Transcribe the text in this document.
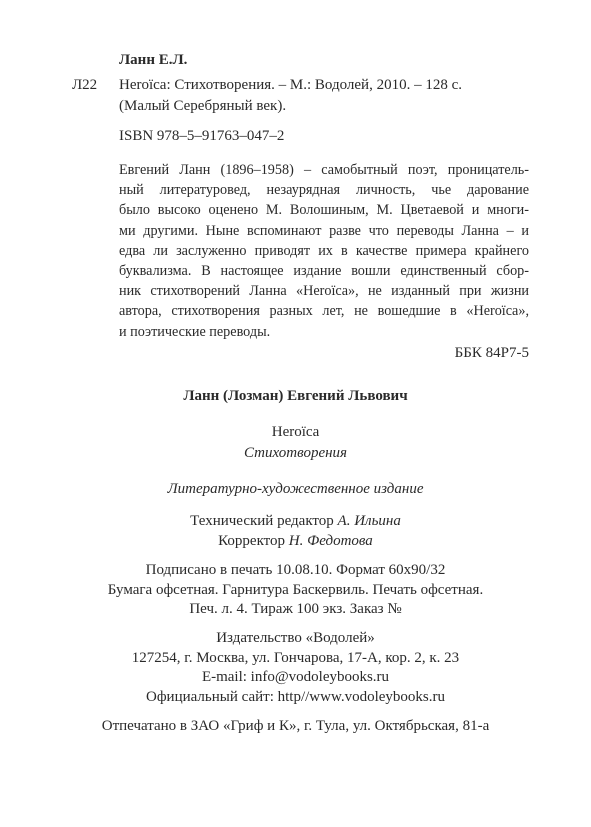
Ланн Е.Л.
Л22 Heroïca: Стихотворения. – М.: Водолей, 2010. – 128 с.
(Малый Серебряный век).
ISBN 978–5–91763–047–2
Евгений Ланн (1896–1958) – самобытный поэт, проницатель-
ный литературовед, незаурядная личность, чье дарование
было высоко оценено М. Волошиным, М. Цветаевой и многи-
ми другими. Ныне вспоминают разве что переводы Ланна – и
едва ли заслуженно приводят их в качестве примера крайнего
буквализма. В настоящее издание вошли единственный сбор-
ник стихотворений Ланна «Heroïca», не изданный при жизни
автора, стихотворения разных лет, не вошедшие в «Heroïca»,
и поэтические переводы.
ББК 84Р7-5
Ланн (Лозман) Евгений Львович
Heroïca
Стихотворения
Литературно-художественное издание
Технический редактор А. Ильина
Корректор Н. Федотова
Подписано в печать 10.08.10. Формат 60x90/32
Бумага офсетная. Гарнитура Баскервиль. Печать офсетная.
Печ. л. 4. Тираж 100 экз. Заказ №
Издательство «Водолей»
127254, г. Москва, ул. Гончарова, 17-А, кор. 2, к. 23
E-mail: info@vodoleybooks.ru
Официальный сайт: http//www.vodoleybooks.ru
Отпечатано в ЗАО «Гриф и К», г. Тула, ул. Октябрьская, 81-а
